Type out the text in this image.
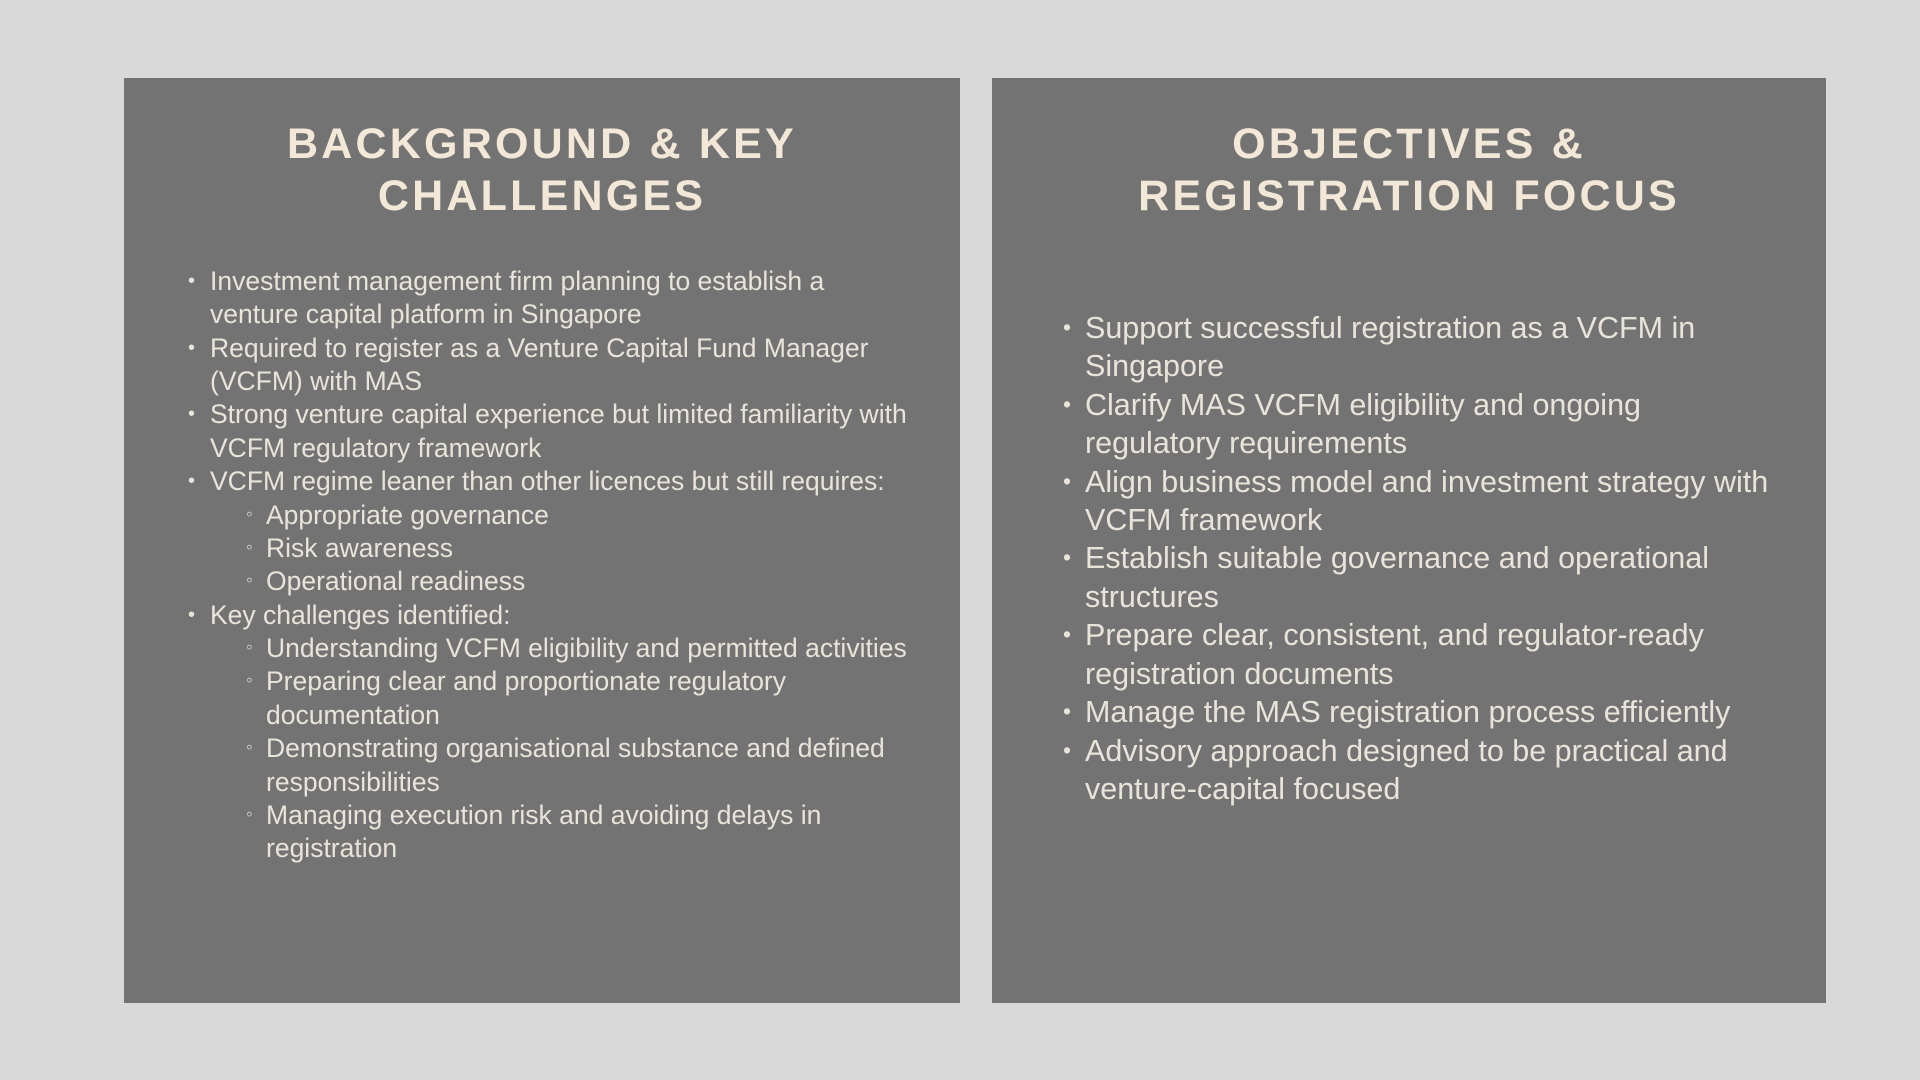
BACKGROUND & KEY CHALLENGES
• Investment management firm planning to establish a venture capital platform in Singapore
• Required to register as a Venture Capital Fund Manager (VCFM) with MAS
• Strong venture capital experience but limited familiarity with VCFM regulatory framework
• VCFM regime leaner than other licences but still requires:
◦ Appropriate governance
◦ Risk awareness
◦ Operational readiness
• Key challenges identified:
◦ Understanding VCFM eligibility and permitted activities
◦ Preparing clear and proportionate regulatory documentation
◦ Demonstrating organisational substance and defined responsibilities
◦ Managing execution risk and avoiding delays in registration
OBJECTIVES & REGISTRATION FOCUS
• Support successful registration as a VCFM in Singapore
• Clarify MAS VCFM eligibility and ongoing regulatory requirements
• Align business model and investment strategy with VCFM framework
• Establish suitable governance and operational structures
• Prepare clear, consistent, and regulator-ready registration documents
• Manage the MAS registration process efficiently
• Advisory approach designed to be practical and venture-capital focused
